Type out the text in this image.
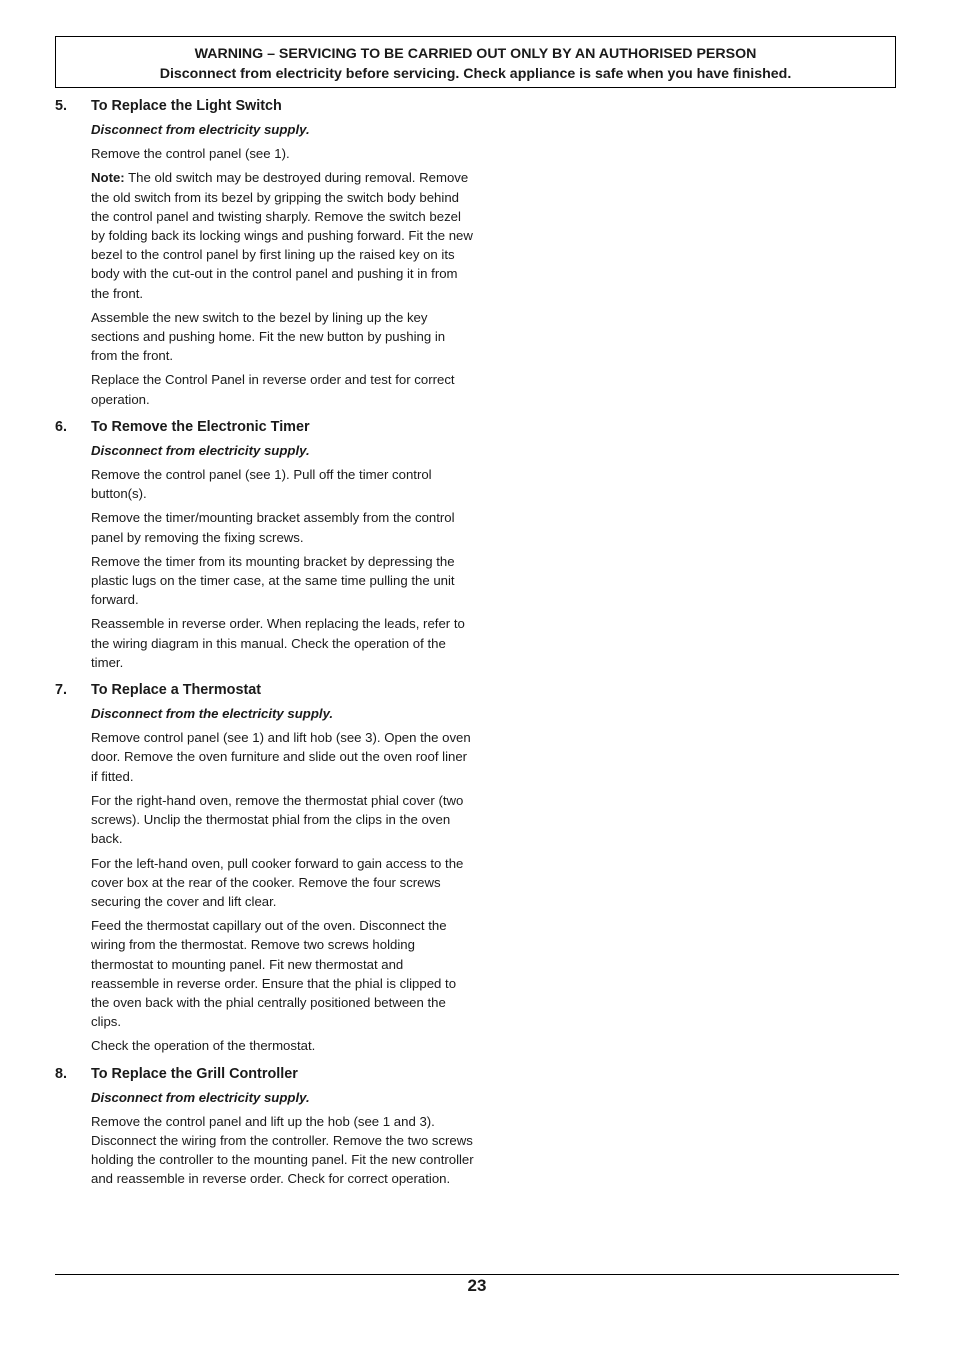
WARNING – SERVICING TO BE CARRIED OUT ONLY BY AN AUTHORISED PERSON
Disconnect from electricity before servicing. Check appliance is safe when you have finished.
5.	To Replace the Light Switch

Disconnect from electricity supply.

Remove the control panel (see 1).

Note: The old switch may be destroyed during removal. Remove the old switch from its bezel by gripping the switch body behind the control panel and twisting sharply. Remove the switch bezel by folding back its locking wings and pushing forward. Fit the new bezel to the control panel by first lining up the raised key on its body with the cut-out in the control panel and pushing it in from the front.

Assemble the new switch to the bezel by lining up the key sections and pushing home. Fit the new button by pushing in from the front.

Replace the Control Panel in reverse order and test for correct operation.

6.	To Remove the Electronic Timer

Disconnect from electricity supply.

Remove the control panel (see 1). Pull off the timer control button(s).

Remove the timer/mounting bracket assembly from the control panel by removing the fixing screws.

Remove the timer from its mounting bracket by depressing the plastic lugs on the timer case, at the same time pulling the unit forward.

Reassemble in reverse order. When replacing the leads, refer to the wiring diagram in this manual. Check the operation of the timer.

7.	To Replace a Thermostat

Disconnect from the electricity supply.

Remove control panel (see 1) and lift hob (see 3). Open the oven door. Remove the oven furniture and slide out the oven roof liner if fitted.

For the right-hand oven, remove the thermostat phial cover (two screws). Unclip the thermostat phial from the clips in the oven back.

For the left-hand oven, pull cooker forward to gain access to the cover box at the rear of the cooker. Remove the four screws securing the cover and lift clear.

Feed the thermostat capillary out of the oven. Disconnect the wiring from the thermostat. Remove two screws holding thermostat to mounting panel. Fit new thermostat and reassemble in reverse order. Ensure that the phial is clipped to the oven back with the phial centrally positioned between the clips.

Check the operation of the thermostat.

8.	To Replace the Grill Controller

Disconnect from electricity supply.

Remove the control panel and lift up the hob (see 1 and 3). Disconnect the wiring from the controller. Remove the two screws holding the controller to the mounting panel. Fit the new controller and reassemble in reverse order. Check for correct operation.

23
